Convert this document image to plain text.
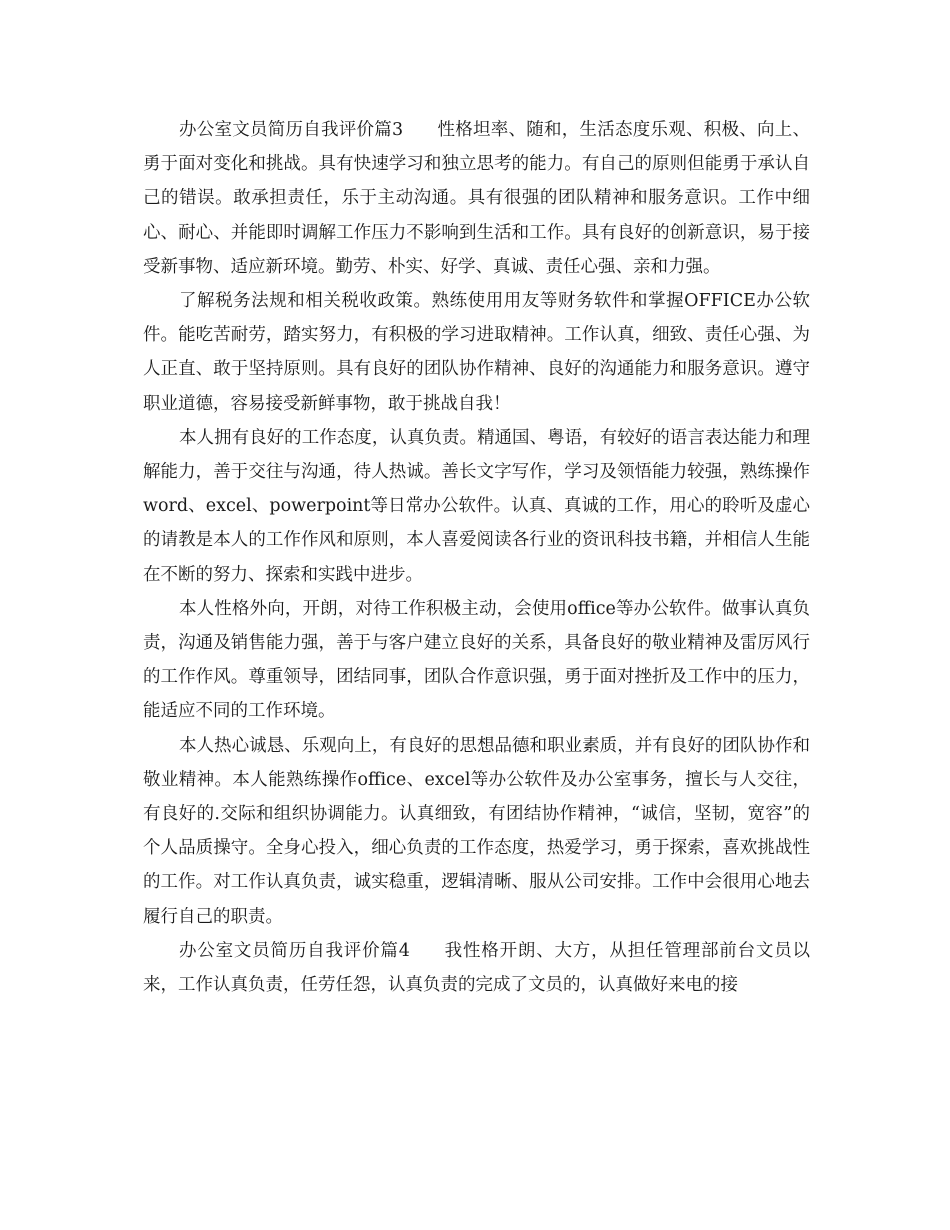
办公室文员简历自我评价篇3 性格坦率、随和，生活态度乐观、积极、向上、勇于面对变化和挑战。具有快速学习和独立思考的能力。有自己的原则但能勇于承认自己的错误。敢承担责任，乐于主动沟通。具有很强的团队精神和服务意识。工作中细心、耐心、并能即时调解工作压力不影响到生活和工作。具有良好的创新意识，易于接受新事物、适应新环境。勤劳、朴实、好学、真诚、责任心强、亲和力强。

了解税务法规和相关税收政策。熟练使用用友等财务软件和掌握OFFICE办公软件。能吃苦耐劳，踏实努力，有积极的学习进取精神。工作认真，细致、责任心强、为人正直、敢于坚持原则。具有良好的团队协作精神、良好的沟通能力和服务意识。遵守职业道德，容易接受新鲜事物，敢于挑战自我！

本人拥有良好的工作态度，认真负责。精通国、粤语，有较好的语言表达能力和理解能力，善于交往与沟通，待人热诚。善长文字写作，学习及领悟能力较强，熟练操作word、excel、powerpoint等日常办公软件。认真、真诚的工作，用心的聆听及虚心的请教是本人的工作作风和原则，本人喜爱阅读各行业的资讯科技书籍，并相信人生能在不断的努力、探索和实践中进步。

本人性格外向，开朗，对待工作积极主动，会使用office等办公软件。做事认真负责，沟通及销售能力强，善于与客户建立良好的关系，具备良好的敬业精神及雷厉风行的工作作风。尊重领导，团结同事，团队合作意识强，勇于面对挫折及工作中的压力，能适应不同的工作环境。

本人热心诚恳、乐观向上，有良好的思想品德和职业素质，并有良好的团队协作和敬业精神。本人能熟练操作office、excel等办公软件及办公室事务，擅长与人交往，有良好的.交际和组织协调能力。认真细致，有团结协作精神，“诚信，坚韧，宽容”的个人品质操守。全身心投入，细心负责的工作态度，热爱学习，勇于探索，喜欢挑战性的工作。对工作认真负责，诚实稳重，逻辑清晰、服从公司安排。工作中会很用心地去履行自己的职责。

办公室文员简历自我评价篇4 我性格开朗、大方，从担任管理部前台文员以来，工作认真负责，任劳任怨，认真负责的完成了文员的，认真做好来电的接
